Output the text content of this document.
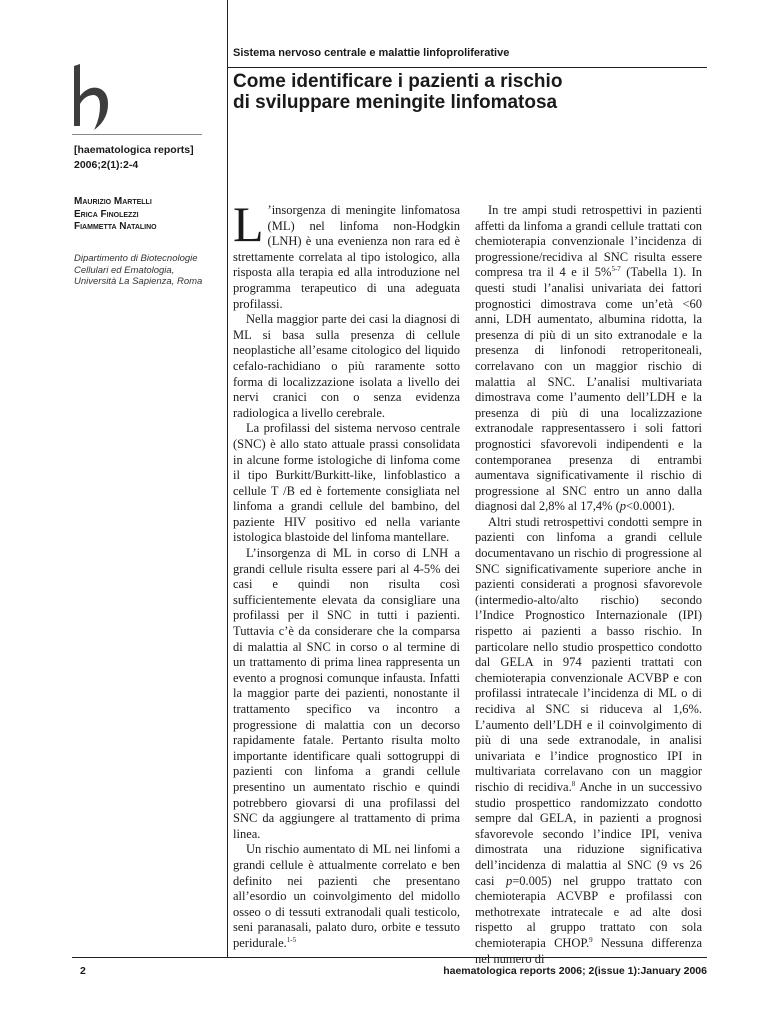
Sistema nervoso centrale e malattie linfoproliferative
Come identificare i pazienti a rischio
di sviluppare meningite linfomatosa
[haematologica reports]
2006;2(1):2-4
Maurizio Martelli
Erica Finolezzi
Fiammetta Natalino
Dipartimento di Biotecnologie
Cellulari ed Ematologia,
Università La Sapienza, Roma

L ’insorgenza di meningite linfomatosa (ML) nel linfoma non-Hodgkin (LNH) è una evenienza non rara ed è strettamente correlata al tipo istologico, alla risposta alla terapia ed alla introduzione nel programma terapeutico di una adeguata profilassi.

Nella maggior parte dei casi la diagnosi di ML si basa sulla presenza di cellule neoplastiche all’esame citologico del liquido cefalo-rachidiano o più raramente sotto forma di localizzazione isolata a livello dei nervi cranici con o senza evidenza radiologica a livello cerebrale.

La profilassi del sistema nervoso centrale (SNC) è allo stato attuale prassi consolidata in alcune forme istologiche di linfoma come il tipo Burkitt/Burkitt-like, linfoblastico a cellule T /B ed è fortemente consigliata nel linfoma a grandi cellule del bambino, del paziente HIV positivo ed nella variante istologica blastoide del linfoma mantellare.

L’insorgenza di ML in corso di LNH a grandi cellule risulta essere pari al 4-5% dei casi e quindi non risulta così sufficientemente elevata da consigliare una profilassi per il SNC in tutti i pazienti. Tuttavia c’è da considerare che la comparsa di malattia al SNC in corso o al termine di un trattamento di prima linea rappresenta un evento a prognosi comunque infausta. Infatti la maggior parte dei pazienti, nonostante il trattamento specifico va incontro a progressione di malattia con un decorso rapidamente fatale. Pertanto risulta molto importante identificare quali sottogruppi di pazienti con linfoma a grandi cellule presentino un aumentato rischio e quindi potrebbero giovarsi di una profilassi del SNC da aggiungere al trattamento di prima linea.

Un rischio aumentato di ML nei linfomi a grandi cellule è attualmente correlato e ben definito nei pazienti che presentano all’esordio un coinvolgimento del midollo osseo o di tessuti extranodali quali testicolo, seni paranasali, palato duro, orbite e tessuto peridurale.$^{1-5}$

In tre ampi studi retrospettivi in pazienti affetti da linfoma a grandi cellule trattati con chemioterapia convenzionale l’incidenza di progressione/recidiva al SNC risulta essere compresa tra il 4 e il 5%$^{5-7}$ (Tabella 1). In questi studi l’analisi univariata dei fattori prognostici dimostrava come un’età <60 anni, LDH aumentato, albumina ridotta, la presenza di più di un sito extranodale e la presenza di linfonodi retroperitoneali, correlavano con un maggior rischio di malattia al SNC. L’analisi multivariata dimostrava come l’aumento dell’LDH e la presenza di più di una localizzazione extranodale rappresentassero i soli fattori prognostici sfavorevoli indipendenti e la contemporanea presenza di entrambi aumentava significativamente il rischio di progressione al SNC entro un anno dalla diagnosi dal 2,8% al 17,4% (p<0.0001).

Altri studi retrospettivi condotti sempre in pazienti con linfoma a grandi cellule documentavano un rischio di progressione al SNC significativamente superiore anche in pazienti considerati a prognosi sfavorevole (intermedio-alto/alto rischio) secondo l’Indice Prognostico Internazionale (IPI) rispetto ai pazienti a basso rischio. In particolare nello studio prospettico condotto dal GELA in 974 pazienti trattati con chemioterapia convenzionale ACVBP e con profilassi intratecale l’incidenza di ML o di recidiva al SNC si riduceva al 1,6%. L’aumento dell’LDH e il coinvolgimento di più di una sede extranodale, in analisi univariata e l’indice prognostico IPI in multivariata correlavano con un maggior rischio di recidiva.$^8$ Anche in un successivo studio prospettico randomizzato condotto sempre dal GELA, in pazienti a prognosi sfavorevole secondo l’indice IPI, veniva dimostrata una riduzione significativa dell’incidenza di malattia al SNC (9 vs 26 casi p=0.005) nel gruppo trattato con chemioterapia ACVBP e profilassi con methotrexate intratecale e ad alte dosi rispetto al gruppo trattato con sola chemioterapia CHOP.$^9$ Nessuna differenza nel numero di

2	haematologica reports 2006; 2(issue 1):January 2006
